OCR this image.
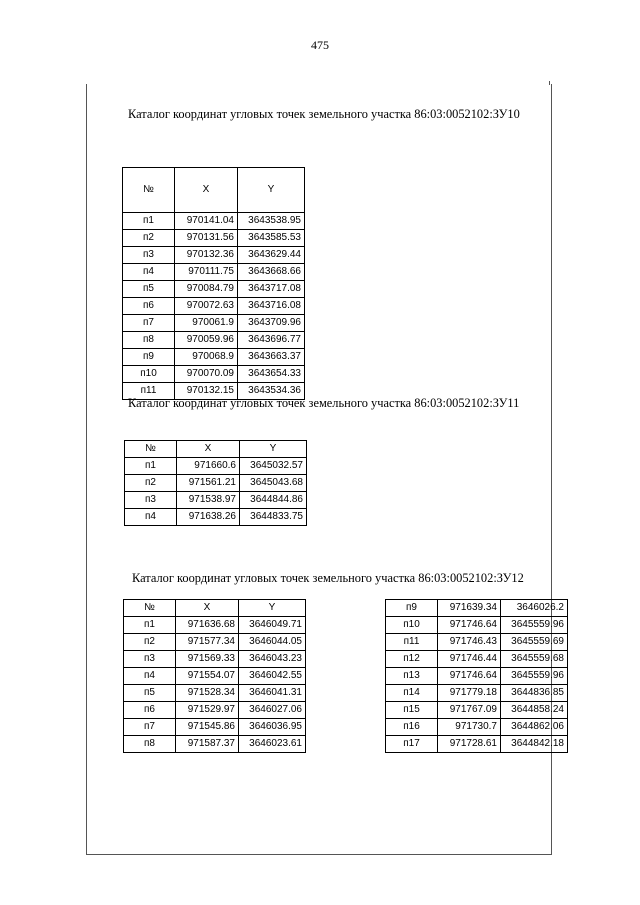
475
Каталог координат угловых точек земельного участка 86:03:0052102:ЗУ10
№	X	Y
п1	970141.04	3643538.95
п2	970131.56	3643585.53
п3	970132.36	3643629.44
п4	970111.75	3643668.66
п5	970084.79	3643717.08
п6	970072.63	3643716.08
п7	970061.9	3643709.96
п8	970059.96	3643696.77
п9	970068.9	3643663.37
п10	970070.09	3643654.33
п11	970132.15	3643534.36
Каталог координат угловых точек земельного участка 86:03:0052102:ЗУ11
№	X	Y
п1	971660.6	3645032.57
п2	971561.21	3645043.68
п3	971538.97	3644844.86
п4	971638.26	3644833.75
Каталог координат угловых точек земельного участка 86:03:0052102:ЗУ12
№	X	Y
п1	971636.68	3646049.71
п2	971577.34	3646044.05
п3	971569.33	3646043.23
п4	971554.07	3646042.55
п5	971528.34	3646041.31
п6	971529.97	3646027.06
п7	971545.86	3646036.95
п8	971587.37	3646023.61
п9	971639.34	3646026.2
п10	971746.64	3645559.96
п11	971746.43	3645559.69
п12	971746.44	3645559.68
п13	971746.64	3645559.96
п14	971779.18	3644836.85
п15	971767.09	3644858.24
п16	971730.7	3644862.06
п17	971728.61	3644842.18
